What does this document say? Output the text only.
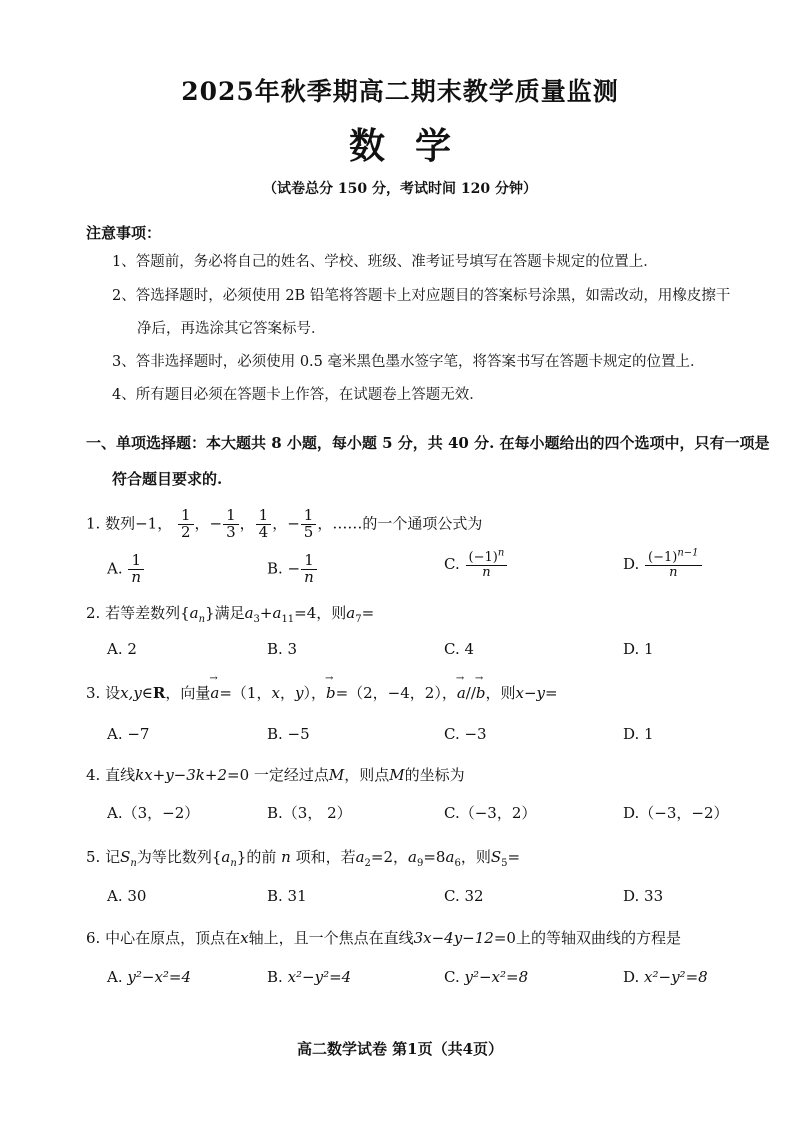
2025年秋季期高二期末教学质量监测
数学
（试卷总分 150 分，考试时间 120 分钟）
注意事项：
1、答题前，务必将自己的姓名、学校、班级、准考证号填写在答题卡规定的位置上．
2、答选择题时，必须使用 2B 铅笔将答题卡上对应题目的答案标号涂黑，如需改动，用橡皮擦干
净后，再选涂其它答案标号．
3、答非选择题时，必须使用 0.5 毫米黑色墨水签字笔，将答案书写在答题卡规定的位置上．
4、所有题目必须在答题卡上作答，在试题卷上答题无效．
一、单项选择题：本大题共 8 小题，每小题 5 分，共 40 分. 在每小题给出的四个选项中，只有一项是
符合题目要求的.
1. 数列−1， $\frac{1}{2}$ ，− $\frac{1}{3}$ ， $\frac{1}{4}$ ，− $\frac{1}{5}$ ，……的一个通项公式为
A. $\frac{1}{n}$	B. − $\frac{1}{n}$	C. $\frac{(-1)^n}{n}$	D. $\frac{(-1)^{n-1}}{n}$
2. 若等差数列$\{a_n\}$满足$a_3+a_{11}=4$，则$a_7=$
A. 2	B. 3	C. 4	D. 1
3. 设x,y∈R，向量→ a=（1，x，y），→ b=（2，−4，2），→ a//→ b，则x−y=
A. −7	B. −5	C. −3	D. 1
4. 直线kx+y−3k+2=0 一定经过点M，则点M的坐标为
A.（3，−2）	B.（3， 2）	C.（−3，2）	D.（−3，−2）
5. 记$S_n$为等比数列$\{a_n\}$的前 n 项和，若$a_2=2$，$a_9=8a_6$，则$S_5=$
A. 30	B. 31	C. 32	D. 33
6. 中心在原点，顶点在x轴上，且一个焦点在直线3x−4y−12=0上的等轴双曲线的方程是
A. y²−x²=4	B. x²−y²=4	C. y²−x²=8	D. x²−y²=8
高二数学试卷 第1页（共4页）
